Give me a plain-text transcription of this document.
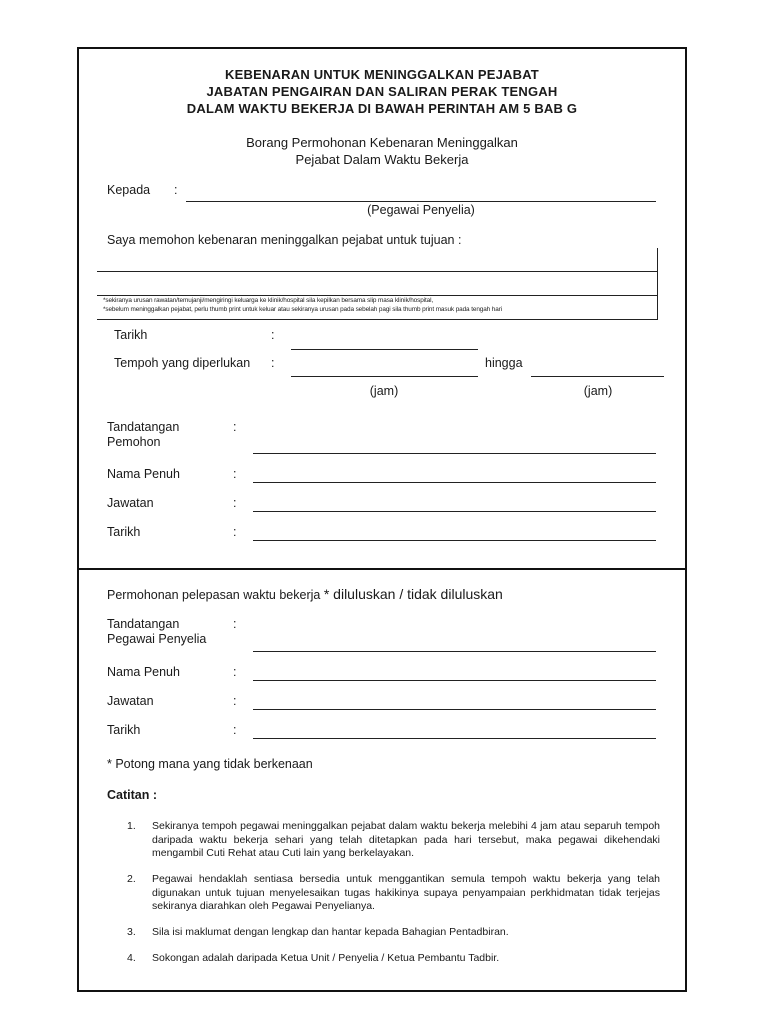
KEBENARAN UNTUK MENINGGALKAN PEJABAT
JABATAN PENGAIRAN DAN SALIRAN PERAK TENGAH
DALAM WAKTU BEKERJA DI BAWAH PERINTAH AM 5 BAB G
Borang Permohonan Kebenaran Meninggalkan
Pejabat Dalam Waktu Bekerja
Kepada :
(Pegawai Penyelia)
Saya memohon kebenaran meninggalkan pejabat untuk tujuan :
*sekiranya urusan rawatan/temujanji/mengiringi keluarga ke klinik/hospital sila kepilkan bersama slip masa klinik/hospital,
*sebelum meninggalkan pejabat, perlu thumb print untuk keluar atau sekiranya urusan pada sebelah pagi sila thumb print masuk pada tengah hari
Tarikh	:
Tempoh yang diperlukan :	hingga
(jam)	(jam)
Tandatangan
Pemohon
:
Nama Penuh	:
Jawatan	:
Tarikh	:
Permohonan pelepasan waktu bekerja * diluluskan / tidak diluluskan
Tandatangan
Pegawai Penyelia
:
Nama Penuh	:
Jawatan	:
Tarikh	:
* Potong mana yang tidak berkenaan
Catitan :
1. Sekiranya tempoh pegawai meninggalkan pejabat dalam waktu bekerja melebihi 4 jam atau separuh tempoh daripada waktu bekerja sehari yang telah ditetapkan pada hari tersebut, maka pegawai dikehendaki mengambil Cuti Rehat atau Cuti lain yang berkelayakan.
2. Pegawai hendaklah sentiasa bersedia untuk menggantikan semula tempoh waktu bekerja yang telah digunakan untuk tujuan menyelesaikan tugas hakikinya supaya penyampaian perkhidmatan tidak terjejas sekiranya diarahkan oleh Pegawai Penyelianya.
3. Sila isi maklumat dengan lengkap dan hantar kepada Bahagian Pentadbiran.
4. Sokongan adalah daripada Ketua Unit / Penyelia / Ketua Pembantu Tadbir.
